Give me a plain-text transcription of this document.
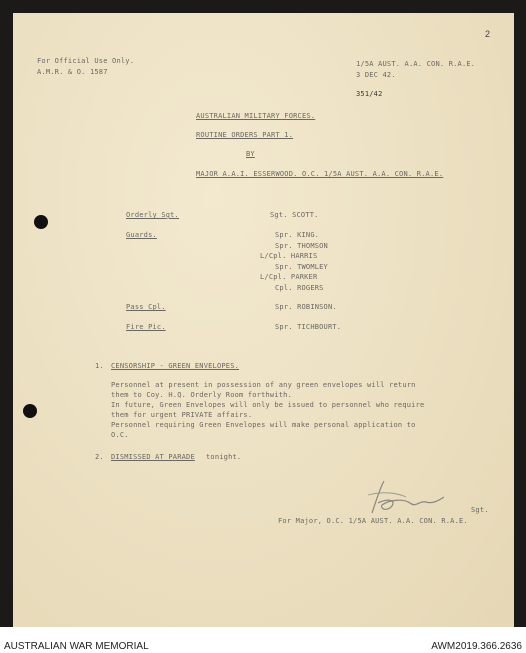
2
For Official Use Only.
A.M.R. & O. 1587
1/5A AUST. A.A. CON. R.A.E.
3 DEC 42.
351/42
AUSTRALIAN MILITARY FORCES.
ROUTINE ORDERS PART 1.
BY
MAJOR A.A.I. ESSERWOOD. O.C. 1/5A AUST. A.A. CON. R.A.E.
Orderly Sgt.	Sgt. SCOTT.
Guards.	Spr. KING.
Spr. THOMSON
L/Cpl. HARRIS
Spr. TWOMLEY
L/Cpl. PARKER
Cpl. ROGERS
Pass Cpl.	Spr. ROBINSON.
Fire Pic.	Spr. TICHBOURT.
1. CENSORSHIP - GREEN ENVELOPES.
Personnel at present in possession of any green envelopes will return
them to Coy. H.Q. Orderly Room forthwith.
In future, Green Envelopes will only be issued to personnel who require
them for urgent PRIVATE affairs.
Personnel requiring Green Envelopes will make personal application to
O.C.
2. DISMISSED AT PARADE tonight.
Sgt.
For Major, O.C. 1/5A AUST. A.A. CON. R.A.E.
AUSTRALIAN WAR MEMORIAL	AWM2019.366.2636
